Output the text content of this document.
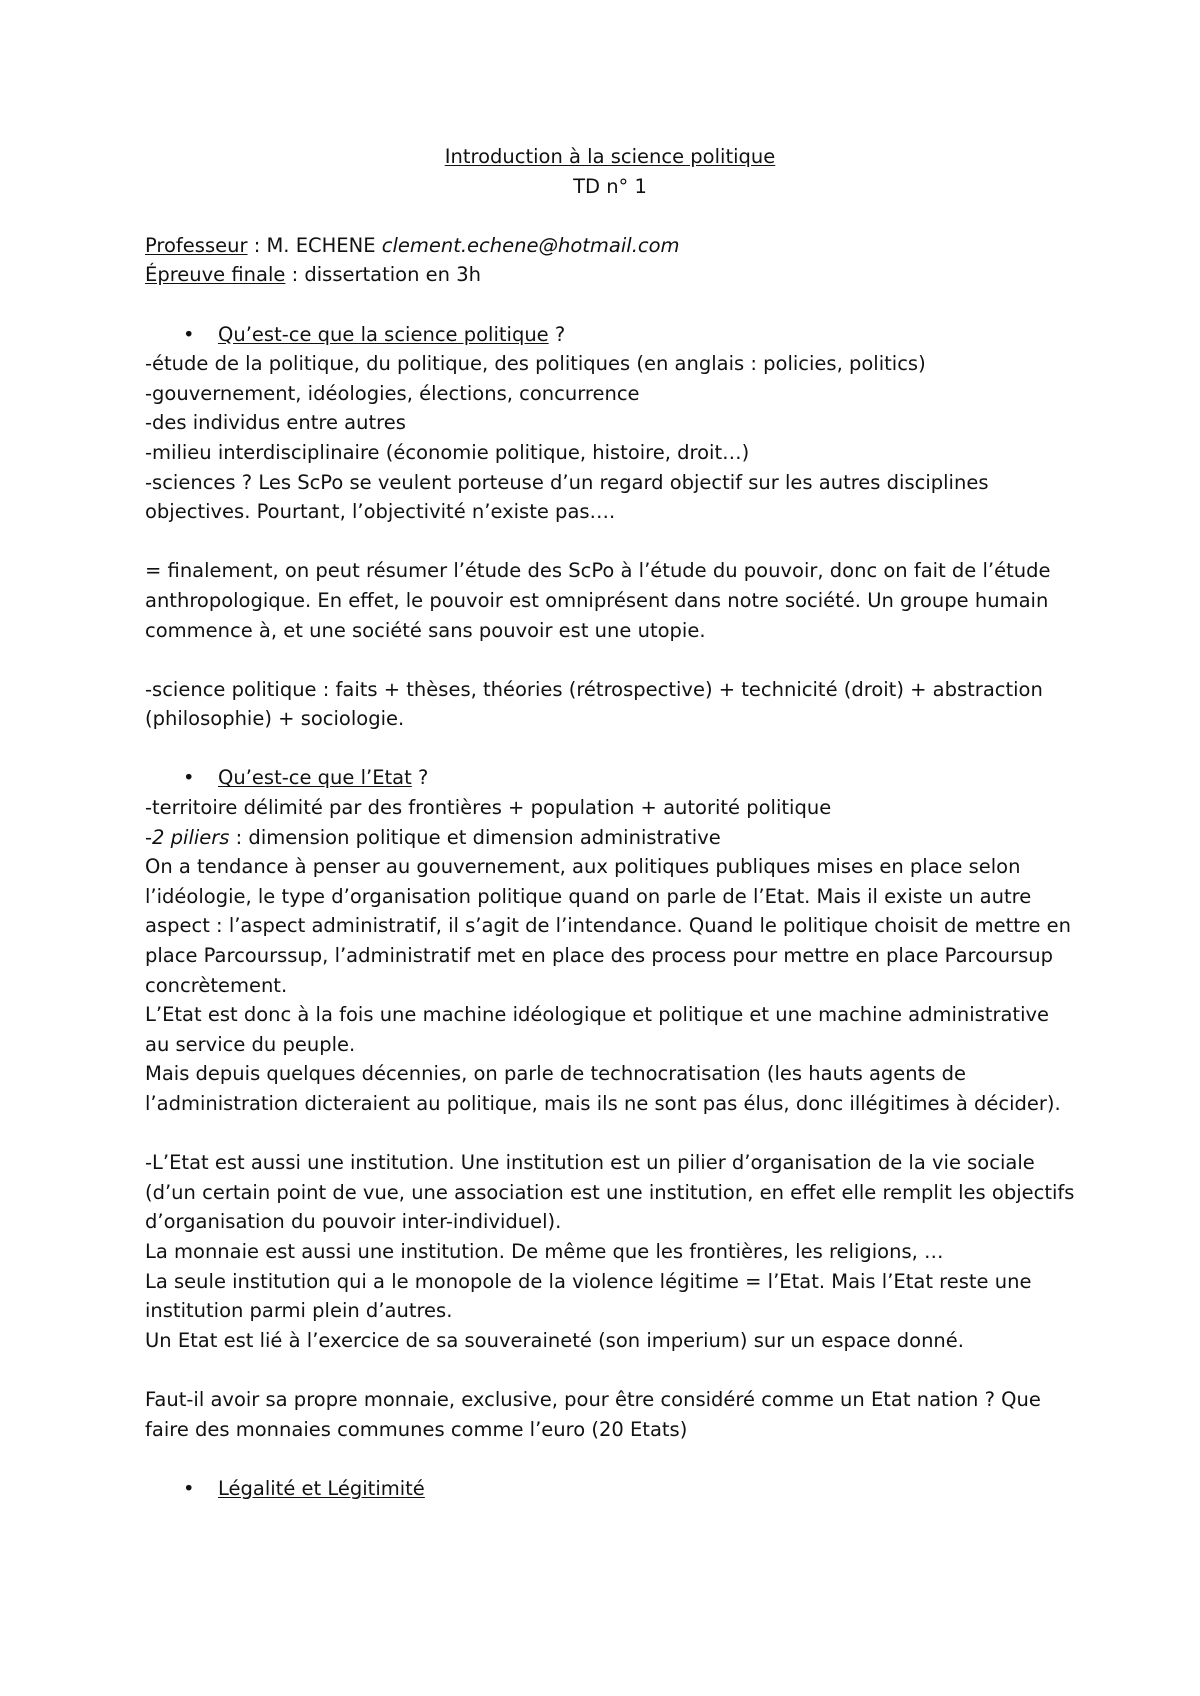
Introduction à la science politique
TD n° 1

Professeur : M. ECHENE clement.echene@hotmail.com

Épreuve finale : dissertation en 3h

• Qu’est-ce que la science politique ?

-étude de la politique, du politique, des politiques (en anglais : policies, politics)

-gouvernement, idéologies, élections, concurrence

-des individus entre autres

-milieu interdisciplinaire (économie politique, histoire, droit…)

-sciences ? Les ScPo se veulent porteuse d’un regard objectif sur les autres disciplines objectives. Pourtant, l’objectivité n’existe pas….

= finalement, on peut résumer l’étude des ScPo à l’étude du pouvoir, donc on fait de l’étude anthropologique. En effet, le pouvoir est omniprésent dans notre société. Un groupe humain commence à, et une société sans pouvoir est une utopie.

-science politique : faits + thèses, théories (rétrospective) + technicité (droit) + abstraction (philosophie) + sociologie.

• Qu’est-ce que l’Etat ?

-territoire délimité par des frontières + population + autorité politique

-2 piliers : dimension politique et dimension administrative

On a tendance à penser au gouvernement, aux politiques publiques mises en place selon l’idéologie, le type d’organisation politique quand on parle de l’Etat. Mais il existe un autre aspect : l’aspect administratif, il s’agit de l’intendance. Quand le politique choisit de mettre en place Parcourssup, l’administratif met en place des process pour mettre en place Parcoursup concrètement.

L’Etat est donc à la fois une machine idéologique et politique et une machine administrative au service du peuple.

Mais depuis quelques décennies, on parle de technocratisation (les hauts agents de l’administration dicteraient au politique, mais ils ne sont pas élus, donc illégitimes à décider).

-L’Etat est aussi une institution. Une institution est un pilier d’organisation de la vie sociale (d’un certain point de vue, une association est une institution, en effet elle remplit les objectifs d’organisation du pouvoir inter-individuel).

La monnaie est aussi une institution. De même que les frontières, les religions, …

La seule institution qui a le monopole de la violence légitime = l’Etat. Mais l’Etat reste une institution parmi plein d’autres.

Un Etat est lié à l’exercice de sa souveraineté (son imperium) sur un espace donné.

Faut-il avoir sa propre monnaie, exclusive, pour être considéré comme un Etat nation ? Que faire des monnaies communes comme l’euro (20 Etats)

• Légalité et Légitimité
